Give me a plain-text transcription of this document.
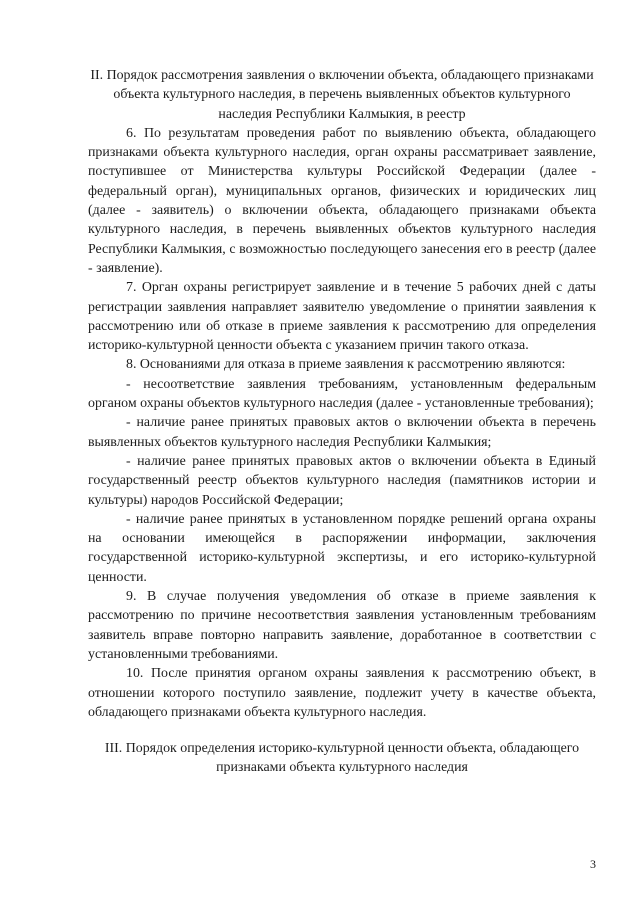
II. Порядок рассмотрения заявления о включении объекта, обладающего признаками объекта культурного наследия, в перечень выявленных объектов культурного наследия Республики Калмыкия, в реестр

6. По результатам проведения работ по выявлению объекта, обладающего признаками объекта культурного наследия, орган охраны рассматривает заявление, поступившее от Министерства культуры Российской Федерации (далее - федеральный орган), муниципальных органов, физических и юридических лиц (далее - заявитель) о включении объекта, обладающего признаками объекта культурного наследия, в перечень выявленных объектов культурного наследия Республики Калмыкия, с возможностью последующего занесения его в реестр (далее - заявление).

7. Орган охраны регистрирует заявление и в течение 5 рабочих дней с даты регистрации заявления направляет заявителю уведомление о принятии заявления к рассмотрению или об отказе в приеме заявления к рассмотрению для определения историко-культурной ценности объекта с указанием причин такого отказа.

8. Основаниями для отказа в приеме заявления к рассмотрению являются:

- несоответствие заявления требованиям, установленным федеральным органом охраны объектов культурного наследия (далее - установленные требования);

- наличие ранее принятых правовых актов о включении объекта в перечень выявленных объектов культурного наследия Республики Калмыкия;

- наличие ранее принятых правовых актов о включении объекта в Единый государственный реестр объектов культурного наследия (памятников истории и культуры) народов Российской Федерации;

- наличие ранее принятых в установленном порядке решений органа охраны на основании имеющейся в распоряжении информации, заключения государственной историко-культурной экспертизы, и его историко-культурной ценности.

9. В случае получения уведомления об отказе в приеме заявления к рассмотрению по причине несоответствия заявления установленным требованиям заявитель вправе повторно направить заявление, доработанное в соответствии с установленными требованиями.

10. После принятия органом охраны заявления к рассмотрению объект, в отношении которого поступило заявление, подлежит учету в качестве объекта, обладающего признаками объекта культурного наследия.

III. Порядок определения историко-культурной ценности объекта, обладающего признаками объекта культурного наследия
3
